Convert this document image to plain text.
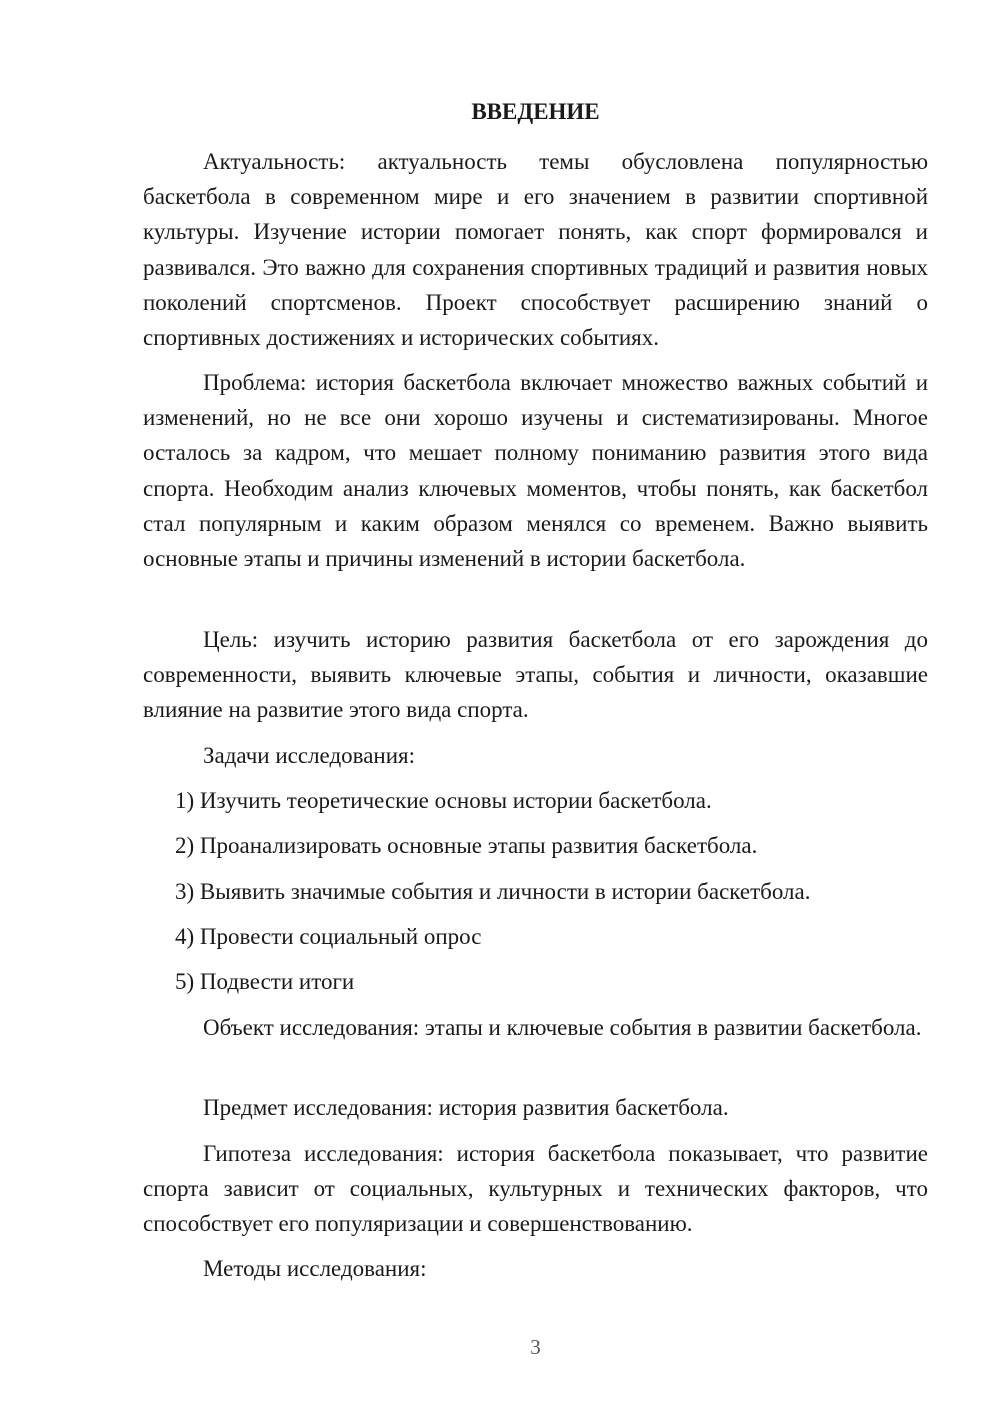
ВВЕДЕНИЕ

Актуальность: актуальность темы обусловлена популярностью баскетбола в современном мире и его значением в развитии спортивной культуры. Изучение истории помогает понять, как спорт формировался и развивался. Это важно для сохранения спортивных традиций и развития новых поколений спортсменов. Проект способствует расширению знаний о спортивных достижениях и исторических событиях.

Проблема: история баскетбола включает множество важных событий и изменений, но не все они хорошо изучены и систематизированы. Многое осталось за кадром, что мешает полному пониманию развития этого вида спорта. Необходим анализ ключевых моментов, чтобы понять, как баскетбол стал популярным и каким образом менялся со временем. Важно выявить основные этапы и причины изменений в истории баскетбола.

Цель: изучить историю развития баскетбола от его зарождения до современности, выявить ключевые этапы, события и личности, оказавшие влияние на развитие этого вида спорта.

Задачи исследования:

1) Изучить теоретические основы истории баскетбола.

2) Проанализировать основные этапы развития баскетбола.

3) Выявить значимые события и личности в истории баскетбола.

4) Провести социальный опрос

5) Подвести итоги

Объект исследования: этапы и ключевые события в развитии баскетбола.

Предмет исследования: история развития баскетбола.

Гипотеза исследования: история баскетбола показывает, что развитие спорта зависит от социальных, культурных и технических факторов, что способствует его популяризации и совершенствованию.

Методы исследования:

3
